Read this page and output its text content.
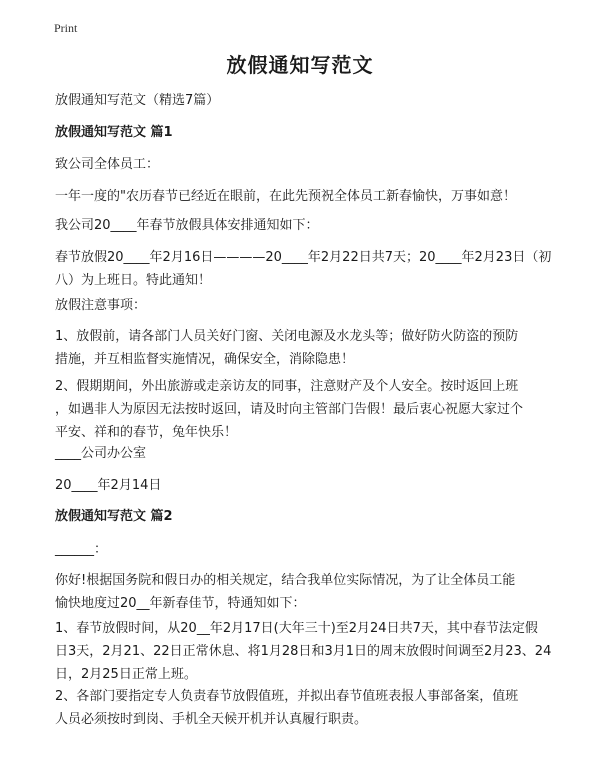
Print
放假通知写范文
放假通知写范文（精选7篇）
放假通知写范文 篇1
致公司全体员工：
一年一度的"农历春节已经近在眼前，在此先预祝全体员工新春愉快，万事如意！
我公司20____年春节放假具体安排通知如下：
春节放假20____年2月16日————20____年2月22日共7天；20____年2月23日（初
八）为上班日。特此通知！
放假注意事项：
1、放假前，请各部门人员关好门窗、关闭电源及水龙头等；做好防火防盗的预防
措施，并互相监督实施情况，确保安全，消除隐患！
2、假期期间，外出旅游或走亲访友的同事，注意财产及个人安全。按时返回上班
，如遇非人为原因无法按时返回，请及时向主管部门告假！最后衷心祝愿大家过个
平安、祥和的春节，兔年快乐！
____公司办公室
20____年2月14日
放假通知写范文 篇2
______：
你好!根据国务院和假日办的相关规定，结合我单位实际情况，为了让全体员工能
愉快地度过20__年新春佳节，特通知如下：
1、春节放假时间，从20__年2月17日(大年三十)至2月24日共7天，其中春节法定假
日3天，2月21、22日正常休息、将1月28日和3月1日的周末放假时间调至2月23、24
日，2月25日正常上班。
2、各部门要指定专人负责春节放假值班，并拟出春节值班表报人事部备案，值班
人员必须按时到岗、手机全天候开机并认真履行职责。
